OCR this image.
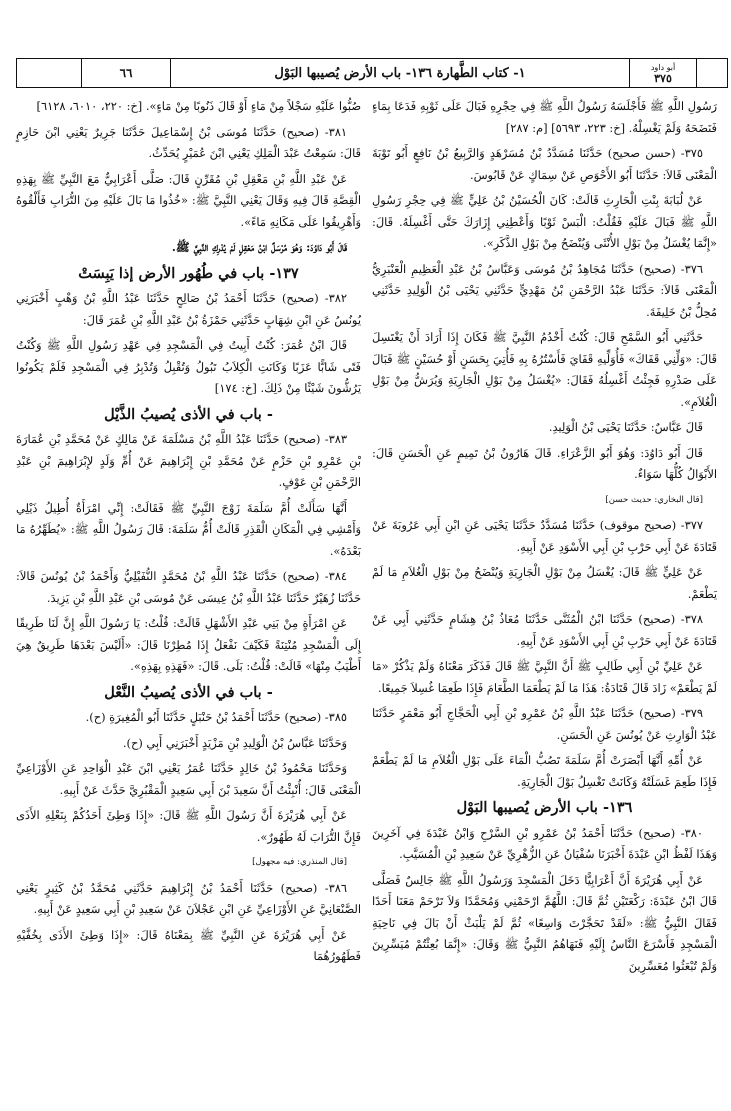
أبو داود
٣٧٥
١- كتاب الطَّهارة ١٣٦- باب الأرض يُصيبها البَوْل
٦٦

رَسُولِ اللَّهِ ﷺ فَأَجْلَسَهُ رَسُولُ اللَّهِ ﷺ فِي حِجْرِهِ فَبَالَ عَلَى ثَوْبِهِ فَدَعَا بِمَاءٍ فَنَضَحَهُ وَلَمْ يَغْسِلْهُ. [خ: ٢٢٣، ٥٦٩٣] [م: ٢٨٧]

٣٧٥- (حسن صحيح) حَدَّثَنَا مُسَدَّدُ بْنُ مُسَرْهَدٍ وَالرَّبِيعُ بْنُ نَافِعٍ أَبُو تَوْبَةَ الْمَعْنَى قَالاَ: حَدَّثَنَا أَبُو الأَحْوَصِ عَنْ سِمَاكٍ عَنْ قَابُوسَ.

عَنْ لُبَابَةَ بِنْتِ الْحَارِثِ قَالَتْ: كَانَ الْحُسَيْنُ بْنُ عَلِيٍّ ﷺ فِي حِجْرِ رَسُولِ اللَّهِ ﷺ فَبَالَ عَلَيْهِ فَقُلْتُ: الْبَسْ ثَوْبًا وَأَعْطِنِي إِزَارَكَ حَتَّى أَغْسِلَهُ. قَالَ: «إِنَّمَا يُغْسَلُ مِنْ بَوْلِ الأُنْثَى وَيُنْضَحُ مِنْ بَوْلِ الذَّكَرِ».

٣٧٦- (صحيح) حَدَّثَنَا مُجَاهِدُ بْنُ مُوسَى وَعَبَّاسُ بْنُ عَبْدِ الْعَظِيمِ الْعَنْبَرِيُّ الْمَعْنَى قَالاَ: حَدَّثَنَا عَبْدُ الرَّحْمَنِ بْنُ مَهْدِيٍّ حَدَّثَنِي يَحْيَى بْنُ الْوَلِيدِ حَدَّثَنِي مُحِلُّ بْنُ خَلِيفَةَ.

حَدَّثَنِي أَبُو السَّمْحِ قَالَ: كُنْتُ أَخْدُمُ النَّبِيَّ ﷺ فَكَانَ إِذَا أَرَادَ أَنْ يَغْتَسِلَ قَالَ: «وَلِّنِي قَفَاكَ» فَأُوَلِّيهِ قَفَايَ فَأَسْتُرُهُ بِهِ فَأُتِيَ بِحَسَنٍ أَوْ حُسَيْنٍ ﷺ فَبَالَ عَلَى صَدْرِهِ فَجِئْتُ أَغْسِلُهُ فَقَالَ: «يُغْسَلُ مِنْ بَوْلِ الْجَارِيَةِ وَيُرَشُّ مِنْ بَوْلِ الْغُلاَمِ».

قَالَ عَبَّاسٌ: حَدَّثَنَا يَحْيَى بْنُ الْوَلِيدِ.

قَالَ أَبُو دَاوُدَ: وَهُوَ أَبُو الزَّعْرَاءِ. قَالَ هَارُونُ بْنُ تَمِيمٍ عَنِ الْحَسَنِ قَالَ: الأَبْوَالُ كُلُّهَا سَوَاءٌ.

[قال البخاري: حديث حسن]

٣٧٧- (صحيح موقوف) حَدَّثَنَا مُسَدَّدٌ حَدَّثَنَا يَحْيَى عَنِ ابْنِ أَبِي عَرُوبَةَ عَنْ قَتَادَةَ عَنْ أَبِي حَرْبِ بْنِ أَبِي الأَسْوَدِ عَنْ أَبِيهِ.

عَنْ عَلِيٍّ ﷺ قَالَ: يُغْسَلُ مِنْ بَوْلِ الْجَارِيَةِ وَيُنْضَحُ مِنْ بَوْلِ الْغُلاَمِ مَا لَمْ يَطْعَمْ.

٣٧٨- (صحيح) حَدَّثَنَا ابْنُ الْمُثَنَّى حَدَّثَنَا مُعَاذُ بْنُ هِشَامٍ حَدَّثَنِي أَبِي عَنْ قَتَادَةَ عَنْ أَبِي حَرْبِ بْنِ أَبِي الأَسْوَدِ عَنْ أَبِيهِ.

عَنْ عَلِيِّ بْنِ أَبِي طَالِبٍ ﷺ أَنَّ النَّبِيَّ ﷺ قَالَ فَذَكَرَ مَعْنَاهُ وَلَمْ يَذْكُرْ «مَا لَمْ يَطْعَمْ» زَادَ قَالَ قَتَادَةُ: هَذَا مَا لَمْ يَطْعَمَا الطَّعَامَ فَإِذَا طَعِمَا غُسِلاَ جَمِيعًا.

٣٧٩- (صحيح) حَدَّثَنَا عَبْدُ اللَّهِ بْنُ عَمْرِو بْنِ أَبِي الْحَجَّاجِ أَبُو مَعْمَرٍ حَدَّثَنَا عَبْدُ الْوَارِثِ عَنْ يُونُسَ عَنِ الْحَسَنِ.

عَنْ أُمِّهِ أَنَّهَا أَبْصَرَتْ أُمَّ سَلَمَةَ تَصُبُّ الْمَاءَ عَلَى بَوْلِ الْغُلاَمِ مَا لَمْ يَطْعَمْ فَإِذَا طَعِمَ غَسَلَتْهُ وَكَانَتْ تَغْسِلُ بَوْلَ الْجَارِيَةِ.

١٣٦- باب الأرض يُصيبها البَوْل

٣٨٠- (صحيح) حَدَّثَنَا أَحْمَدُ بْنُ عَمْرِو بْنِ السَّرْحِ وَابْنُ عَبْدَةَ فِي آخَرِينَ وَهَذَا لَفْظُ ابْنِ عَبْدَةَ أَخْبَرَنَا سُفْيَانُ عَنِ الزُّهْرِيِّ عَنْ سَعِيدِ بْنِ الْمُسَيَّبِ.

عَنْ أَبِي هُرَيْرَةَ أَنَّ أَعْرَابِيًّا دَخَلَ الْمَسْجِدَ وَرَسُولُ اللَّهِ ﷺ جَالِسٌ فَصَلَّى قَالَ ابْنُ عَبْدَةَ: رَكْعَتَيْنِ ثُمَّ قَالَ: اللَّهُمَّ ارْحَمْنِي وَمُحَمَّدًا وَلاَ تَرْحَمْ مَعَنَا أَحَدًا فَقَالَ النَّبِيُّ ﷺ: «لَقَدْ تَحَجَّرْتَ وَاسِعًا» ثُمَّ لَمْ يَلْبَثْ أَنْ بَالَ فِي نَاحِيَةِ الْمَسْجِدِ فَأَسْرَعَ النَّاسُ إِلَيْهِ فَنَهَاهُمُ النَّبِيُّ ﷺ وَقَالَ: «إِنَّمَا بُعِثْتُمْ مُيَسِّرِينَ وَلَمْ تُبْعَثُوا مُعَسِّرِينَ

صُبُّوا عَلَيْهِ سَجْلاً مِنْ مَاءٍ أَوْ قَالَ ذَنُوبًا مِنْ مَاءٍ». [خ: ٢٢٠، ٦٠١٠، ٦١٢٨]

٣٨١- (صحيح) حَدَّثَنَا مُوسَى بْنُ إِسْمَاعِيلَ حَدَّثَنَا جَرِيرٌ يَعْنِي ابْنَ حَازِمٍ قَالَ: سَمِعْتُ عَبْدَ الْمَلِكِ يَعْنِي ابْنَ عُمَيْرٍ يُحَدِّثُ.

عَنْ عَبْدِ اللَّهِ بْنِ مَعْقِلِ بْنِ مُقَرِّنٍ قَالَ: صَلَّى أَعْرَابِيٌّ مَعَ النَّبِيِّ ﷺ بِهَذِهِ الْقِصَّةِ قَالَ فِيهِ وَقَالَ يَعْنِي النَّبِيَّ ﷺ: «خُذُوا مَا بَالَ عَلَيْهِ مِنَ التُّرَابِ فَأَلْقُوهُ وَأَهْرِيقُوا عَلَى مَكَانِهِ مَاءً».

قَالَ أَبُو دَاوُدَ: وَهُوَ مُرْسَلٌ ابْنُ مَعْقِلٍ لَمْ يُدْرِكِ النَّبِيَّ ﷺ.

١٣٧- باب في طُهُور الأرض إذا يَبِسَتْ

٣٨٢- (صحيح) حَدَّثَنَا أَحْمَدُ بْنُ صَالِحٍ حَدَّثَنَا عَبْدُ اللَّهِ بْنُ وَهْبٍ أَخْبَرَنِي يُونُسُ عَنِ ابْنِ شِهَابٍ حَدَّثَنِي حَمْزَةُ بْنُ عَبْدِ اللَّهِ بْنِ عُمَرَ قَالَ:

قَالَ ابْنُ عُمَرَ: كُنْتُ أَبِيتُ فِي الْمَسْجِدِ فِي عَهْدِ رَسُولِ اللَّهِ ﷺ وَكُنْتُ فَتًى شَابًّا عَزَبًا وَكَانَتِ الْكِلاَبُ تَبُولُ وَتُقْبِلُ وَتُدْبِرُ فِي الْمَسْجِدِ فَلَمْ يَكُونُوا يَرُشُّونَ شَيْئًا مِنْ ذَلِكَ. [خ: ١٧٤]

- باب في الأذى يُصيبُ الذَّيْل

٣٨٣- (صحيح) حَدَّثَنَا عَبْدُ اللَّهِ بْنُ مَسْلَمَةَ عَنْ مَالِكٍ عَنْ مُحَمَّدِ بْنِ عُمَارَةَ بْنِ عَمْرِو بْنِ حَزْمٍ عَنْ مُحَمَّدِ بْنِ إِبْرَاهِيمَ عَنْ أُمِّ وَلَدٍ لإِبْرَاهِيمَ بْنِ عَبْدِ الرَّحْمَنِ بْنِ عَوْفٍ.

أَنَّهَا سَأَلَتْ أُمَّ سَلَمَةَ زَوْجَ النَّبِيِّ ﷺ فَقَالَتْ: إِنِّي امْرَأَةٌ أُطِيلُ ذَيْلِي وَأَمْشِي فِي الْمَكَانِ الْقَذِرِ قَالَتْ أُمُّ سَلَمَةَ: قَالَ رَسُولُ اللَّهِ ﷺ: «يُطَهِّرُهُ مَا بَعْدَهُ».

٣٨٤- (صحيح) حَدَّثَنَا عَبْدُ اللَّهِ بْنُ مُحَمَّدٍ النُّفَيْلِيُّ وَأَحْمَدُ بْنُ يُونُسَ قَالاَ: حَدَّثَنَا زُهَيْرٌ حَدَّثَنَا عَبْدُ اللَّهِ بْنُ عِيسَى عَنْ مُوسَى بْنِ عَبْدِ اللَّهِ بْنِ يَزِيدَ.

عَنِ امْرَأَةٍ مِنْ بَنِي عَبْدِ الأَشْهَلِ قَالَتْ: قُلْتُ: يَا رَسُولَ اللَّهِ إِنَّ لَنَا طَرِيقًا إِلَى الْمَسْجِدِ مُنْتِنَةً فَكَيْفَ نَفْعَلُ إِذَا مُطِرْنَا قَالَ: «أَلَيْسَ بَعْدَهَا طَرِيقٌ هِيَ أَطْيَبُ مِنْهَا» قَالَتْ: قُلْتُ: بَلَى. قَالَ: «فَهَذِهِ بِهَذِهِ».

- باب في الأذى يُصيبُ النَّعْل

٣٨٥- (صحيح) حَدَّثَنَا أَحْمَدُ بْنُ حَنْبَلٍ حَدَّثَنَا أَبُو الْمُغِيرَةِ (ح).

وَحَدَّثَنَا عَبَّاسُ بْنُ الْوَلِيدِ بْنِ مَزْيَدٍ أَخْبَرَنِي أَبِي (ح).

وَحَدَّثَنَا مَحْمُودُ بْنُ خَالِدٍ حَدَّثَنَا عُمَرُ يَعْنِي ابْنَ عَبْدِ الْوَاحِدِ عَنِ الأَوْزَاعِيِّ الْمَعْنَى قَالَ: أُنْبِئْتُ أَنَّ سَعِيدَ بْنَ أَبِي سَعِيدٍ الْمَقْبُرِيَّ حَدَّثَ عَنْ أَبِيهِ.

عَنْ أَبِي هُرَيْرَةَ أَنَّ رَسُولَ اللَّهِ ﷺ قَالَ: «إِذَا وَطِئَ أَحَدُكُمْ بِنَعْلِهِ الأَذَى فَإِنَّ التُّرَابَ لَهُ طَهُورٌ».

[قال المنذري: فيه مجهول]

٣٨٦- (صحيح) حَدَّثَنَا أَحْمَدُ بْنُ إِبْرَاهِيمَ حَدَّثَنِي مُحَمَّدُ بْنُ كَثِيرٍ يَعْنِي الصَّنْعَانِيَّ عَنِ الأَوْزَاعِيِّ عَنِ ابْنِ عَجْلاَنَ عَنْ سَعِيدِ بْنِ أَبِي سَعِيدٍ عَنْ أَبِيهِ.

عَنْ أَبِي هُرَيْرَةَ عَنِ النَّبِيِّ ﷺ بِمَعْنَاهُ قَالَ: «إِذَا وَطِئَ الأَذَى بِخُفَّيْهِ فَطَهُورُهُمَا
